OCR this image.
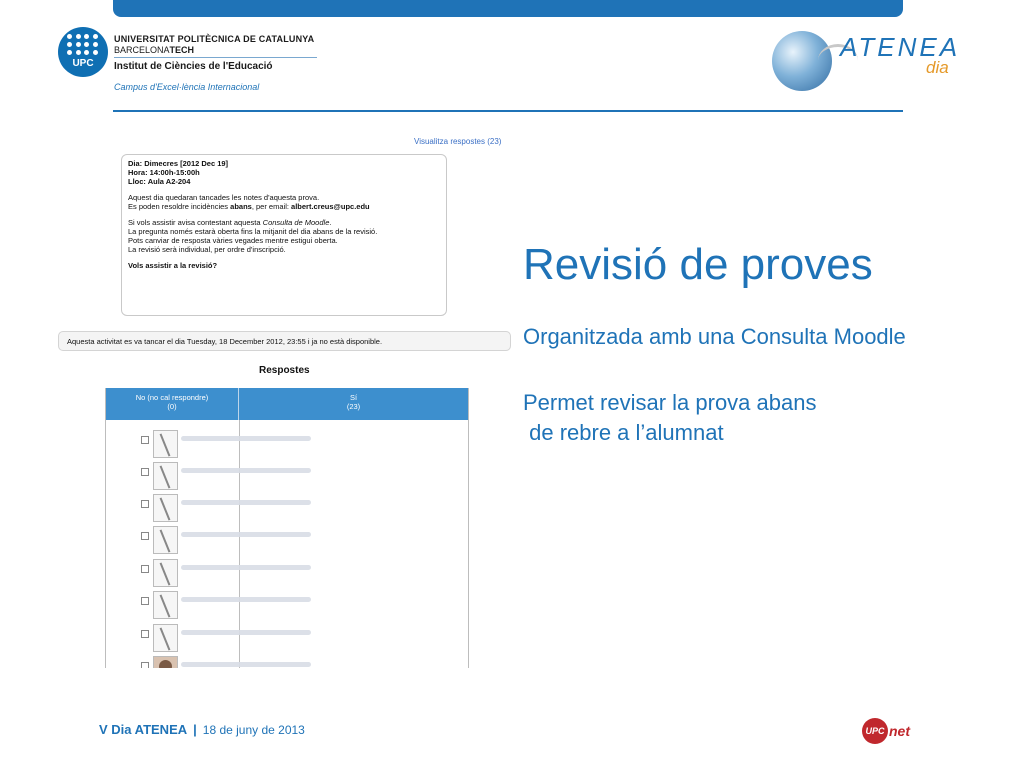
UPC
UNIVERSITAT POLITÈCNICA DE CATALUNYA
BARCELONATECH
Institut de Ciències de l'Educació
Campus d'Excel·lència Internacional
ATENEA
dia
Visualitza respostes (23)
Dia: Dimecres [2012 Dec 19]
Hora: 14:00h-15:00h
Lloc: Aula A2-204
Aquest dia quedaran tancades les notes d'aquesta prova.
Es poden resoldre incidències abans, per email: albert.creus@upc.edu
Si vols assistir avisa contestant aquesta Consulta de Moodle.
La pregunta només estarà oberta fins la mitjanit del dia abans de la revisió.
Pots canviar de resposta vàries vegades mentre estigui oberta.
La revisió serà individual, per ordre d'inscripció.
Vols assistir a la revisió?
Aquesta activitat es va tancar el dia Tuesday, 18 December 2012, 23:55 i ja no està disponible.
Respostes
No (no cal respondre)
(0)
Sí
(23)
Revisió de proves
Organitzada amb una Consulta Moodle
Permet revisar la prova abans
de rebre a l’alumnat
V Dia ATENEA | 18 de juny de 2013	UPC net
